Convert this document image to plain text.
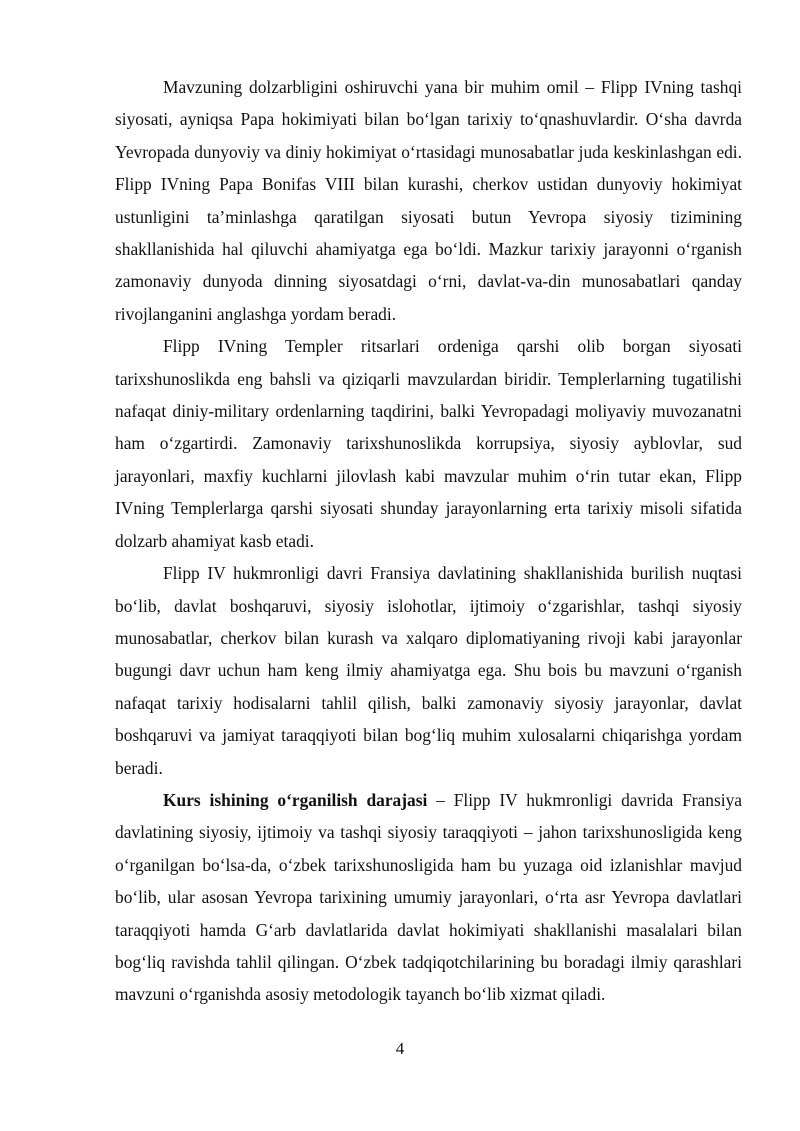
Mavzuning dolzarbligini oshiruvchi yana bir muhim omil – Flipp IVning tashqi siyosati, ayniqsa Papa hokimiyati bilan bo‘lgan tarixiy to‘qnashuvlardir. O‘sha davrda Yevropada dunyoviy va diniy hokimiyat o‘rtasidagi munosabatlar juda keskinlashgan edi. Flipp IVning Papa Bonifas VIII bilan kurashi, cherkov ustidan dunyoviy hokimiyat ustunligini ta’minlashga qaratilgan siyosati butun Yevropa siyosiy tizimining shakllanishida hal qiluvchi ahamiyatga ega bo‘ldi. Mazkur tarixiy jarayonni o‘rganish zamonaviy dunyoda dinning siyosatdagi o‘rni, davlat-va-din munosabatlari qanday rivojlanganini anglashga yordam beradi.

Flipp IVning Templer ritsarlari ordeniga qarshi olib borgan siyosati tarixshunoslikda eng bahsli va qiziqarli mavzulardan biridir. Templerlarning tugatilishi nafaqat diniy-military ordenlarning taqdirini, balki Yevropadagi moliyaviy muvozanatni ham o‘zgartirdi. Zamonaviy tarixshunoslikda korrupsiya, siyosiy ayblovlar, sud jarayonlari, maxfiy kuchlarni jilovlash kabi mavzular muhim o‘rin tutar ekan, Flipp IVning Templerlarga qarshi siyosati shunday jarayonlarning erta tarixiy misoli sifatida dolzarb ahamiyat kasb etadi.

Flipp IV hukmronligi davri Fransiya davlatining shakllanishida burilish nuqtasi bo‘lib, davlat boshqaruvi, siyosiy islohotlar, ijtimoiy o‘zgarishlar, tashqi siyosiy munosabatlar, cherkov bilan kurash va xalqaro diplomatiyaning rivoji kabi jarayonlar bugungi davr uchun ham keng ilmiy ahamiyatga ega. Shu bois bu mavzuni o‘rganish nafaqat tarixiy hodisalarni tahlil qilish, balki zamonaviy siyosiy jarayonlar, davlat boshqaruvi va jamiyat taraqqiyoti bilan bog‘liq muhim xulosalarni chiqarishga yordam beradi.

Kurs ishining o‘rganilish darajasi – Flipp IV hukmronligi davrida Fransiya davlatining siyosiy, ijtimoiy va tashqi siyosiy taraqqiyoti – jahon tarixshunosligida keng o‘rganilgan bo‘lsa-da, o‘zbek tarixshunosligida ham bu yuzaga oid izlanishlar mavjud bo‘lib, ular asosan Yevropa tarixining umumiy jarayonlari, o‘rta asr Yevropa davlatlari taraqqiyoti hamda G‘arb davlatlarida davlat hokimiyati shakllanishi masalalari bilan bog‘liq ravishda tahlil qilingan. O‘zbek tadqiqotchilarining bu boradagi ilmiy qarashlari mavzuni o‘rganishda asosiy metodologik tayanch bo‘lib xizmat qiladi.

4
